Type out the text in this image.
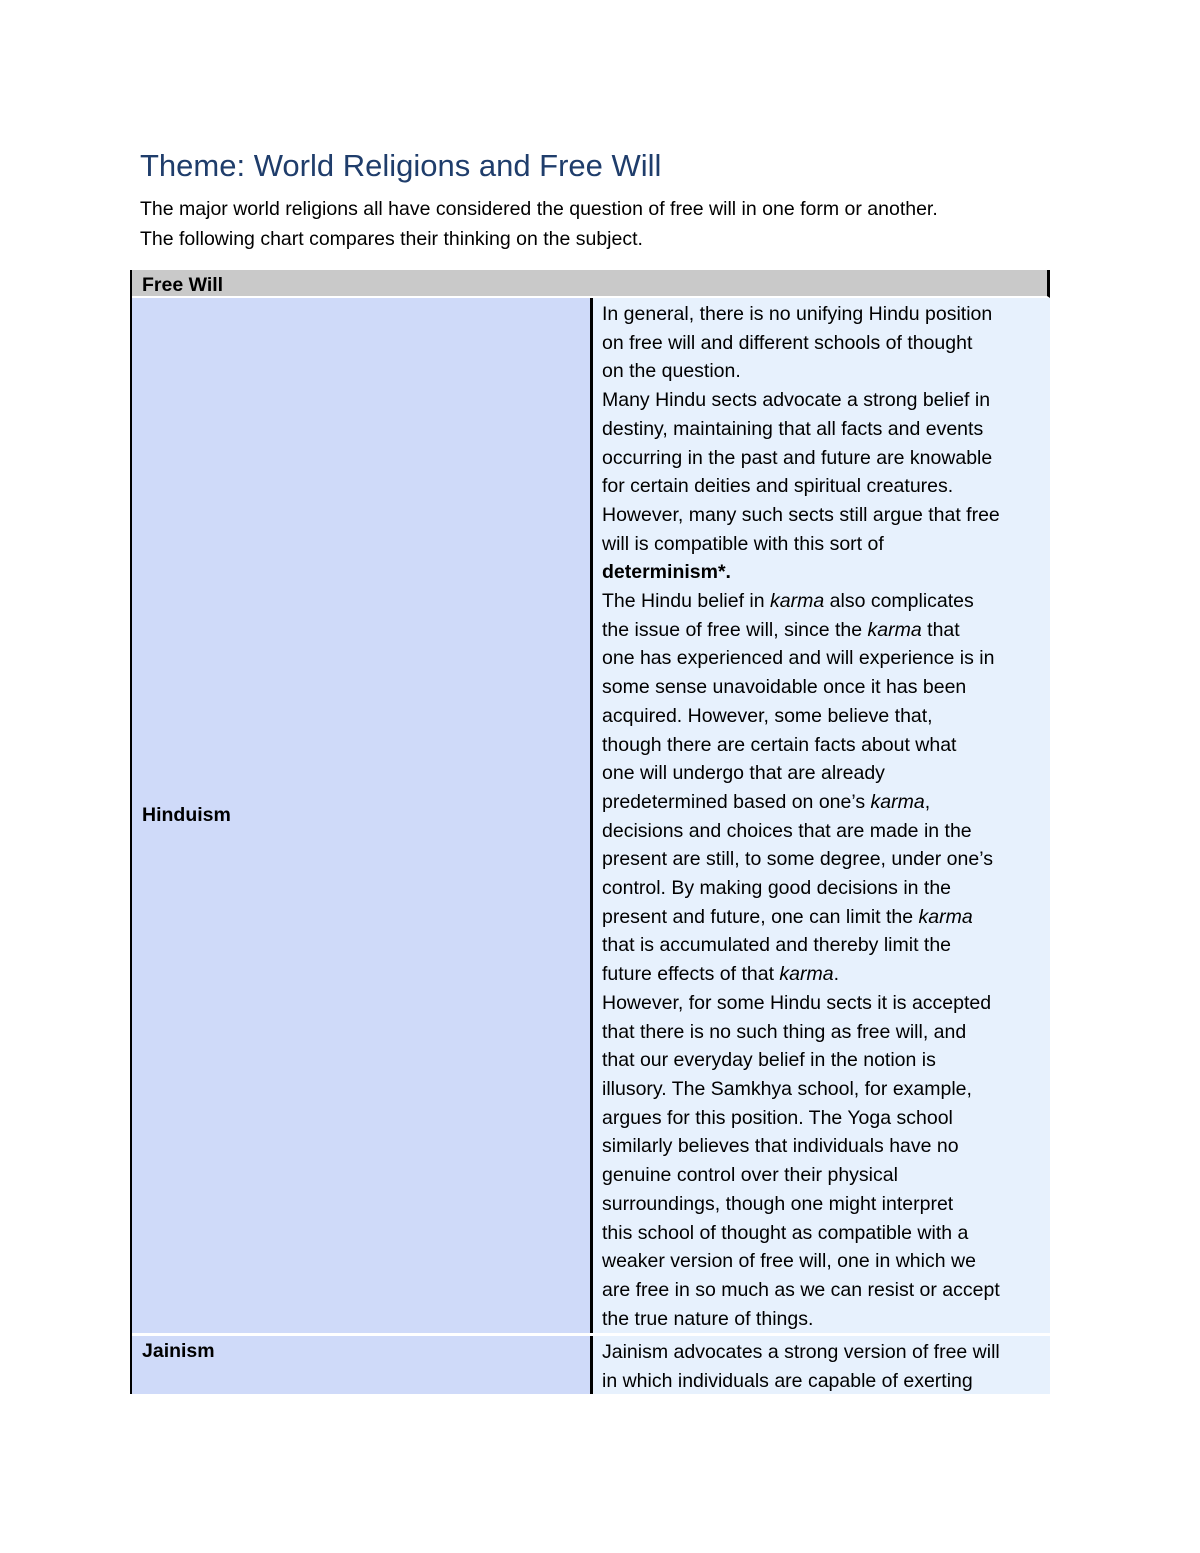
Theme: World Religions and Free Will
The major world religions all have considered the question of free will in one form or another.
The following chart compares their thinking on the subject.
Free Will
Hinduism

In general, there is no unifying Hindu position
on free will and different schools of thought
on the question.
Many Hindu sects advocate a strong belief in
destiny, maintaining that all facts and events
occurring in the past and future are knowable
for certain deities and spiritual creatures.
However, many such sects still argue that free
will is compatible with this sort of
determinism*.
The Hindu belief in karma also complicates
the issue of free will, since the karma that
one has experienced and will experience is in
some sense unavoidable once it has been
acquired. However, some believe that,
though there are certain facts about what
one will undergo that are already
predetermined based on one’s karma,
decisions and choices that are made in the
present are still, to some degree, under one’s
control. By making good decisions in the
present and future, one can limit the karma
that is accumulated and thereby limit the
future effects of that karma.
However, for some Hindu sects it is accepted
that there is no such thing as free will, and
that our everyday belief in the notion is
illusory. The Samkhya school, for example,
argues for this position. The Yoga school
similarly believes that individuals have no
genuine control over their physical
surroundings, though one might interpret
this school of thought as compatible with a
weaker version of free will, one in which we
are free in so much as we can resist or accept
the true nature of things.

Jainism	Jainism advocates a strong version of free will
in which individuals are capable of exerting
